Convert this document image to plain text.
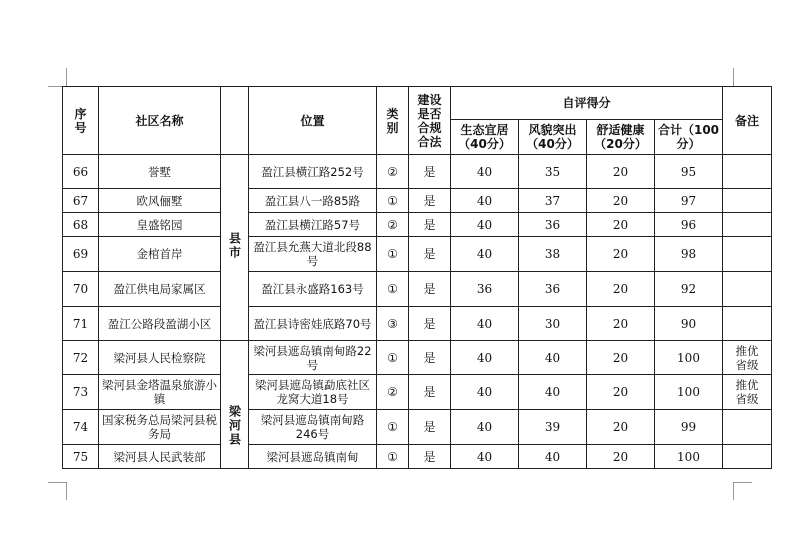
序号	社区名称		位置	类别	建设是否合规合法	自评得分				备注
						生态宜居（40分）	风貌突出（40分）	舒适健康（20分）	合计（100分）	
66	誉墅	县市	盈江县横江路252号	②	是	40	35	20	95	
67	欧风俪墅		盈江县八一路85路	①	是	40	37	20	97	
68	皇盛铭园		盈江县横江路57号	②	是	40	36	20	96	
69	金棺首岸		盈江县允燕大道北段88号	①	是	40	38	20	98	
70	盈江供电局家属区		盈江县永盛路163号	①	是	36	36	20	92	
71	盈江公路段盈湖小区		盈江县诗密娃底路70号	③	是	40	30	20	90	
72	梁河县人民检察院	梁河县	梁河县遮岛镇南甸路22号	①	是	40	40	20	100	推优省级
73	梁河县金塔温泉旅游小镇		梁河县遮岛镇勐底社区龙窝大道18号	②	是	40	40	20	100	推优省级
74	国家税务总局梁河县税务局		梁河县遮岛镇南甸路246号	①	是	40	39	20	99	
75	梁河县人民武装部		梁河县遮岛镇南甸	①	是	40	40	20	100	
